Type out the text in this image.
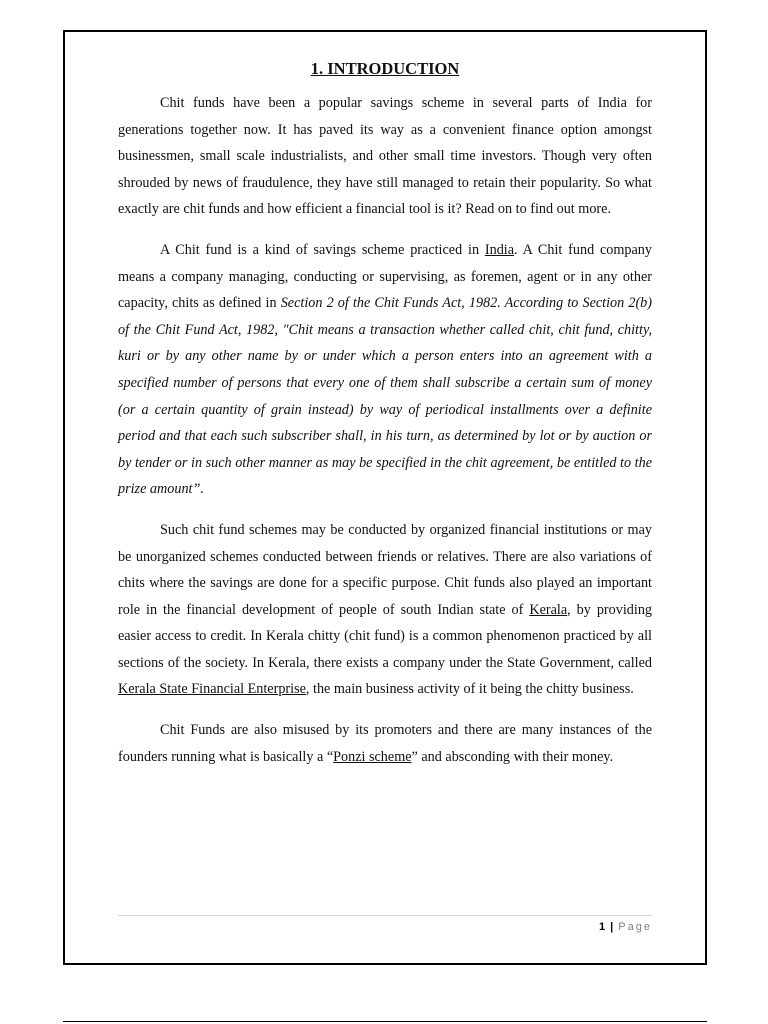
1. INTRODUCTION

Chit funds have been a popular savings scheme in several parts of India for generations together now. It has paved its way as a convenient finance option amongst businessmen, small scale industrialists, and other small time investors. Though very often shrouded by news of fraudulence, they have still managed to retain their popularity. So what exactly are chit funds and how efficient a financial tool is it? Read on to find out more.

A Chit fund is a kind of savings scheme practiced in India. A Chit fund company means a company managing, conducting or supervising, as foremen, agent or in any other capacity, chits as defined in Section 2 of the Chit Funds Act, 1982. According to Section 2(b) of the Chit Fund Act, 1982, "Chit means a transaction whether called chit, chit fund, chitty, kuri or by any other name by or under which a person enters into an agreement with a specified number of persons that every one of them shall subscribe a certain sum of money (or a certain quantity of grain instead) by way of periodical installments over a definite period and that each such subscriber shall, in his turn, as determined by lot or by auction or by tender or in such other manner as may be specified in the chit agreement, be entitled to the prize amount”.

Such chit fund schemes may be conducted by organized financial institutions or may be unorganized schemes conducted between friends or relatives. There are also variations of chits where the savings are done for a specific purpose. Chit funds also played an important role in the financial development of people of south Indian state of Kerala, by providing easier access to credit. In Kerala chitty (chit fund) is a common phenomenon practiced by all sections of the society. In Kerala, there exists a company under the State Government, called Kerala State Financial Enterprise, the main business activity of it being the chitty business.

Chit Funds are also misused by its promoters and there are many instances of the founders running what is basically a “Ponzi scheme” and absconding with their money.

1 | Page
